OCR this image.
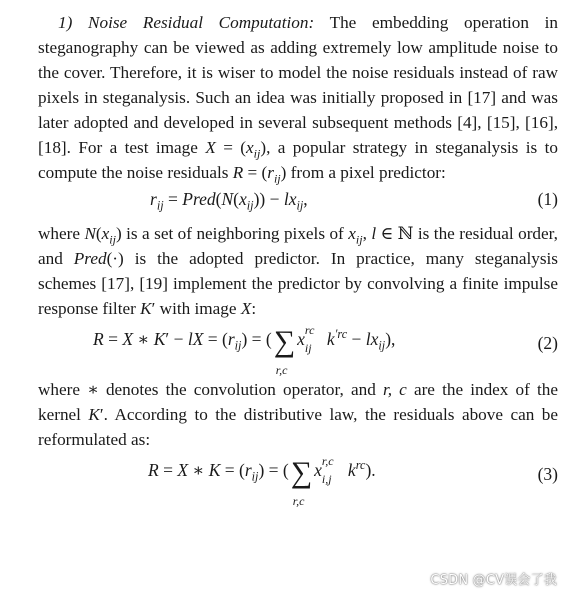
1) Noise Residual Computation: The embedding operation in steganography can be viewed as adding extremely low amplitude noise to the cover. Therefore, it is wiser to model the noise residuals instead of raw pixels in steganalysis. Such an idea was initially proposed in [17] and was later adopted and developed in several subsequent methods [4], [15], [16], [18]. For a test image $X = (x_{ij})$, a popular strategy in steganalysis is to compute the noise residuals $R = (r_{ij})$ from a pixel predictor:

$r_{ij}$ = $Pred(N(x_{ij})) - lx_{ij}$,	(1)

where $N(x_{ij})$ is a set of neighboring pixels of $x_{ij}$, l ∈ ℕ is the residual order, and Pred(·) is the adopted predictor. In practice, many steganalysis schemes [17], [19] implement the predictor by convolving a finite impulse response filter K′ with image X:

R = X ∗ K′ − lX = $(r_{ij})$ = (∑
r,c
x rc
ij $k^{'rc} - lx_{ij}$),	(2)

where ∗ denotes the convolution operator, and r, c are the index of the kernel K′. According to the distributive law, the residuals above can be reformulated as:

R = X ∗ $K = (r_{ij})$ = (∑
r,c
x r,c
i,j $k^{rc}$).	(3)
CSDN @CV误会了我
